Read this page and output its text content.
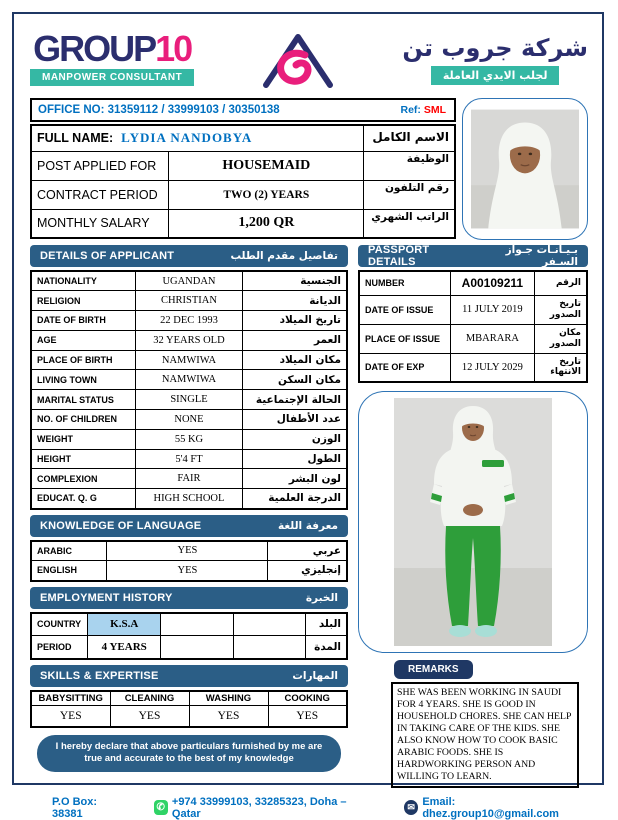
GROUP10
MANPOWER CONSULTANT
شركة جروب تن
لجلب الايدي العاملة
OFFICE NO: 31359112 / 33999103 / 30350138	Ref: SML
FULL NAME: LYDIA NANDOBYA		الاسم الكامل
POST APPLIED FOR	HOUSEMAID	الوظيفة
CONTRACT PERIOD	TWO (2) YEARS	رقم التلفون
MONTHLY SALARY	1,200 QR	الراتب الشهري
DETAILS OF APPLICANT	تفاصيل مقدم الطلب
NATIONALITY	UGANDAN	الجنسية
RELIGION	CHRISTIAN	الديانة
DATE OF BIRTH	22 DEC 1993	تاريخ الميلاد
AGE	32 YEARS OLD	العمر
PLACE OF BIRTH	NAMWIWA	مكان الميلاد
LIVING TOWN	NAMWIWA	مكان السكن
MARITAL STATUS	SINGLE	الحالة الإجتماعية
NO. OF CHILDREN	NONE	عدد الأطفال
WEIGHT	55 KG	الوزن
HEIGHT	5'4 FT	الطول
COMPLEXION	FAIR	لون البشر
EDUCAT. Q. G	HIGH SCHOOL	الدرجة العلمية
KNOWLEDGE OF LANGUAGE	معرفة اللغة
ARABIC	YES	عربي
ENGLISH	YES	إنجليزي
EMPLOYMENT HISTORY	الخبرة
COUNTRY	K.S.A			البلد
PERIOD	4 YEARS			المدة
SKILLS & EXPERTISE	المهارات
BABYSITTING	CLEANING	WASHING	COOKING
YES	YES	YES	YES
I hereby declare that above particulars furnished by me are true and accurate to the best of my knowledge
PASSPORT DETAILS
بـيـانـات جـواز السـفر
NUMBER	A00109211	الرقم
DATE OF ISSUE	11 JULY 2019	تاريخ الصدور
PLACE OF ISSUE	MBARARA	مكان الصدور
DATE OF EXP	12 JULY 2029	تاريخ الانتهاء
REMARKS
SHE WAS BEEN WORKING IN SAUDI FOR 4 YEARS. SHE IS GOOD IN HOUSEHOLD CHORES. SHE CAN HELP IN TAKING CARE OF THE KIDS. SHE ALSO KNOW HOW TO COOK BASIC ARABIC FOODS. SHE IS HARDWORKING PERSON AND WILLING TO LEARN.
P.O Box: 38381	✆ +974 33999103, 33285323, Doha – Qatar
✉ Email: dhez.group10@gmail.com
